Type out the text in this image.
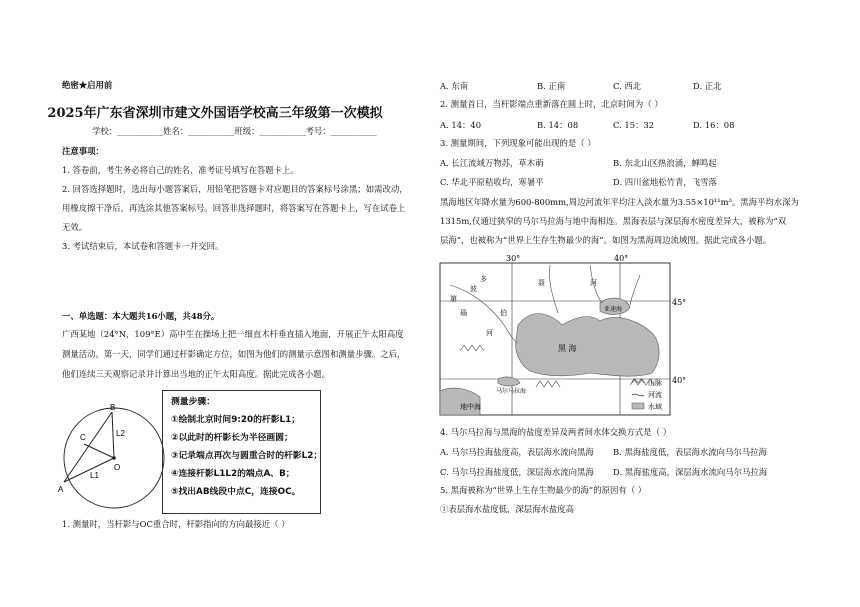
绝密★启用前
2025年广东省深圳市建文外国语学校高三年级第一次模拟
学校：___________姓名：___________班级：___________考号：___________
注意事项：
1. 答卷前，考生务必将自己的姓名、准考证号填写在答题卡上。
2. 回答选择题时，选出每小题答案后，用铅笔把答题卡对应题目的答案标号涂黑；如需改动，
用橡皮擦干净后，再选涂其他答案标号。回答非选择题时，将答案写在答题卡上，写在试卷上
无效。
3. 考试结束后，本试卷和答题卡一并交回。
一、单选题：本大题共16小题，共48分。
广西某地（24°N，109°E）高中生在操场上把一细直木杆垂直插入地面，开展正午太阳高度
测量活动。第一天，同学们通过杆影确定方位，如图为他们的测量示意图和测量步骤。之后，
他们连续三天观察记录并计算出当地的正午太阳高度。据此完成各小题。
B
C	L2
O
L1
A
测量步骤：
①绘制北京时间9:20的杆影L1；
②以此时的杆影长为半径画圆；
③记录端点再次与圆重合时的杆影L2；
④连接杆影L1L2的端点A、B；
⑤找出AB线段中点C，连接OC。
1. 测量时，当杆影与OC重合时，杆影指向的方向最接近（ ）
A. 东南	B. 正南	C. 西北	D. 正北
2. 测量首日，当杆影端点重新落在圆上时，北京时间为（ ）
A. 14：40	B. 14：08	C. 15：32	D. 16：08
3. 测量期间，下列现象可能出现的是（ ）
A. 长江流域万物苏，草木萌	B. 东北山区热浪涌，蝉鸣起
C. 华北平原秸收均，寒暑平	D. 四川盆地松竹青，飞雪落
黑海地区年降水量为600-800mm,周边河流年平均注入淡水量为3.55×10¹¹m³。黑海平均水深为
1315m,仅通过狭窄的马尔马拉海与地中海相连。黑海表层与深层海水密度差异大，被称为“双
层海”，也被称为“世界上生存生物最少的海”。如图为黑海周边流域图。据此完成各小题。
30°	40°
45°
40°
黑 海
亚速海
多
波
聂
瑙
河
第
伯
河
地中海
马尔马拉海
山脉
河流
水域
4. 马尔马拉海与黑海的盐度差异及两者间水体交换方式是（ ）
A. 马尔马拉海盐度高，表层海水流向黑海 B. 黑海盐度低，表层海水流向马尔马拉海
C. 马尔马拉海盐度低，深层海水流向黑海 D. 黑海盐度高，深层海水流向马尔马拉海
5. 黑海被称为“世界上生存生物最少的海”的原因有（ ）
①表层海水盐度低，深层海水盐度高
